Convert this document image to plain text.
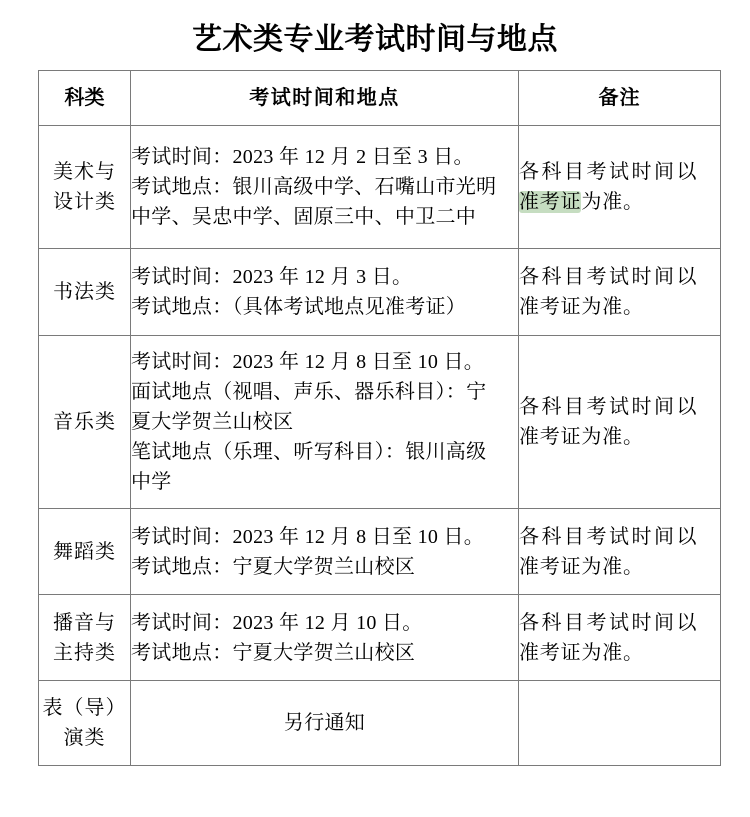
艺术类专业考试时间与地点
科类	考试时间和地点	备注

美术与
设计类	考试时间：2023 年 12 月 2 日至 3 日。
考试地点：银川高级中学、石嘴山市光明
中学、吴忠中学、固原三中、中卫二中	各科目考试时间以
准考证为准。

书法类	考试时间：2023 年 12 月 3 日。
考试地点：（具体考试地点见准考证）	各科目考试时间以
准考证为准。

音乐类	考试时间：2023 年 12 月 8 日至 10 日。
面试地点（视唱、声乐、器乐科目）：宁
夏大学贺兰山校区
笔试地点（乐理、听写科目）：银川高级
中学	各科目考试时间以
准考证为准。

舞蹈类	考试时间：2023 年 12 月 8 日至 10 日。
考试地点：宁夏大学贺兰山校区	各科目考试时间以
准考证为准。

播音与
主持类	考试时间：2023 年 12 月 10 日。
考试地点：宁夏大学贺兰山校区	各科目考试时间以
准考证为准。

表（导）
演类	另行通知	
